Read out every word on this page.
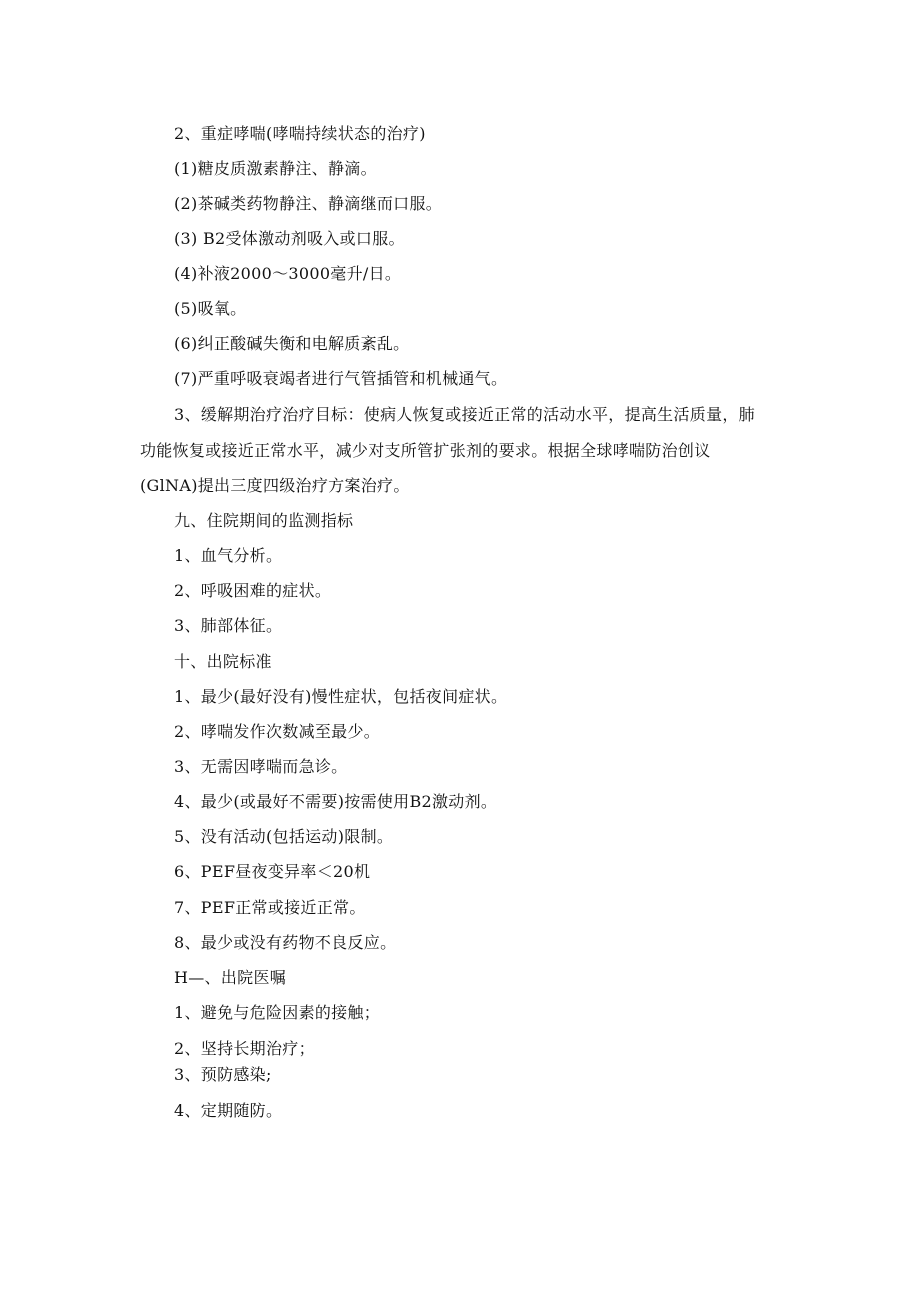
2、重症哮喘(哮喘持续状态的治疗)
(1)糖皮质激素静注、静滴。
(2)茶碱类药物静注、静滴继而口服。
(3) B2受体激动剂吸入或口服。
(4)补液2000～3000毫升/日。
(5)吸氧。
(6)纠正酸碱失衡和电解质紊乱。
(7)严重呼吸衰竭者进行气管插管和机械通气。
3、缓解期治疗治疗目标：使病人恢复或接近正常的活动水平，提高生活质量，肺
功能恢复或接近正常水平，减少对支所管扩张剂的要求。根据全球哮喘防治创议
(GlNA)提出三度四级治疗方案治疗。
九、住院期间的监测指标
1、血气分析。
2、呼吸困难的症状。
3、肺部体征。
十、出院标准
1、最少(最好没有)慢性症状，包括夜间症状。
2、哮喘发作次数减至最少。
3、无需因哮喘而急诊。
4、最少(或最好不需要)按需使用B2激动剂。
5、没有活动(包括运动)限制。
6、PEF昼夜变异率＜20机
7、PEF正常或接近正常。
8、最少或没有药物不良反应。
H—、出院医嘱
1、避免与危险因素的接触；
2、坚持长期治疗；
3、预防感染;
4、定期随防。
